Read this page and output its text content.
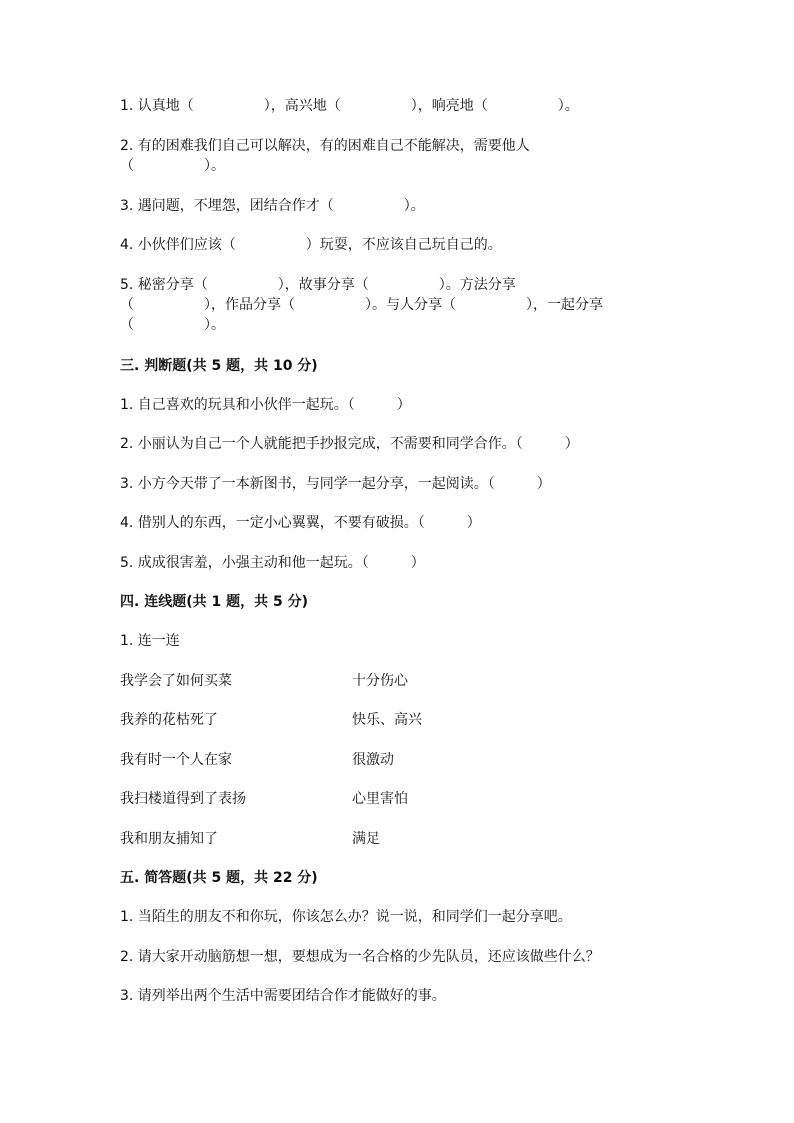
1. 认真地（　　　　　），高兴地（　　　　　），响亮地（　　　　　）。
2. 有的困难我们自己可以解决，有的困难自己不能解决，需要他人
（　　　　　）。
3. 遇问题，不埋怨，团结合作才（　　　　　）。
4. 小伙伴们应该（　　　　　）玩耍，不应该自己玩自己的。
5. 秘密分享（　　　　　），故事分享（　　　　　）。方法分享
（　　　　　），作品分享（　　　　　）。与人分享（　　　　　），一起分享
（　　　　　）。
三. 判断题(共 5 题，共 10 分)
1. 自己喜欢的玩具和小伙伴一起玩。（　　　）
2. 小丽认为自己一个人就能把手抄报完成，不需要和同学合作。（　　　）
3. 小方今天带了一本新图书，与同学一起分享，一起阅读。（　　　）
4. 借别人的东西，一定小心翼翼，不要有破损。（　　　）
5. 成成很害羞，小强主动和他一起玩。（　　　）
四. 连线题(共 1 题，共 5 分)
1. 连一连
我学会了如何买菜	十分伤心
我养的花枯死了	快乐、高兴
我有时一个人在家	很激动
我扫楼道得到了表扬	心里害怕
我和朋友捕知了	满足
五. 简答题(共 5 题，共 22 分)
1. 当陌生的朋友不和你玩，你该怎么办？说一说，和同学们一起分享吧。
2. 请大家开动脑筋想一想，要想成为一名合格的少先队员，还应该做些什么？
3. 请列举出两个生活中需要团结合作才能做好的事。
